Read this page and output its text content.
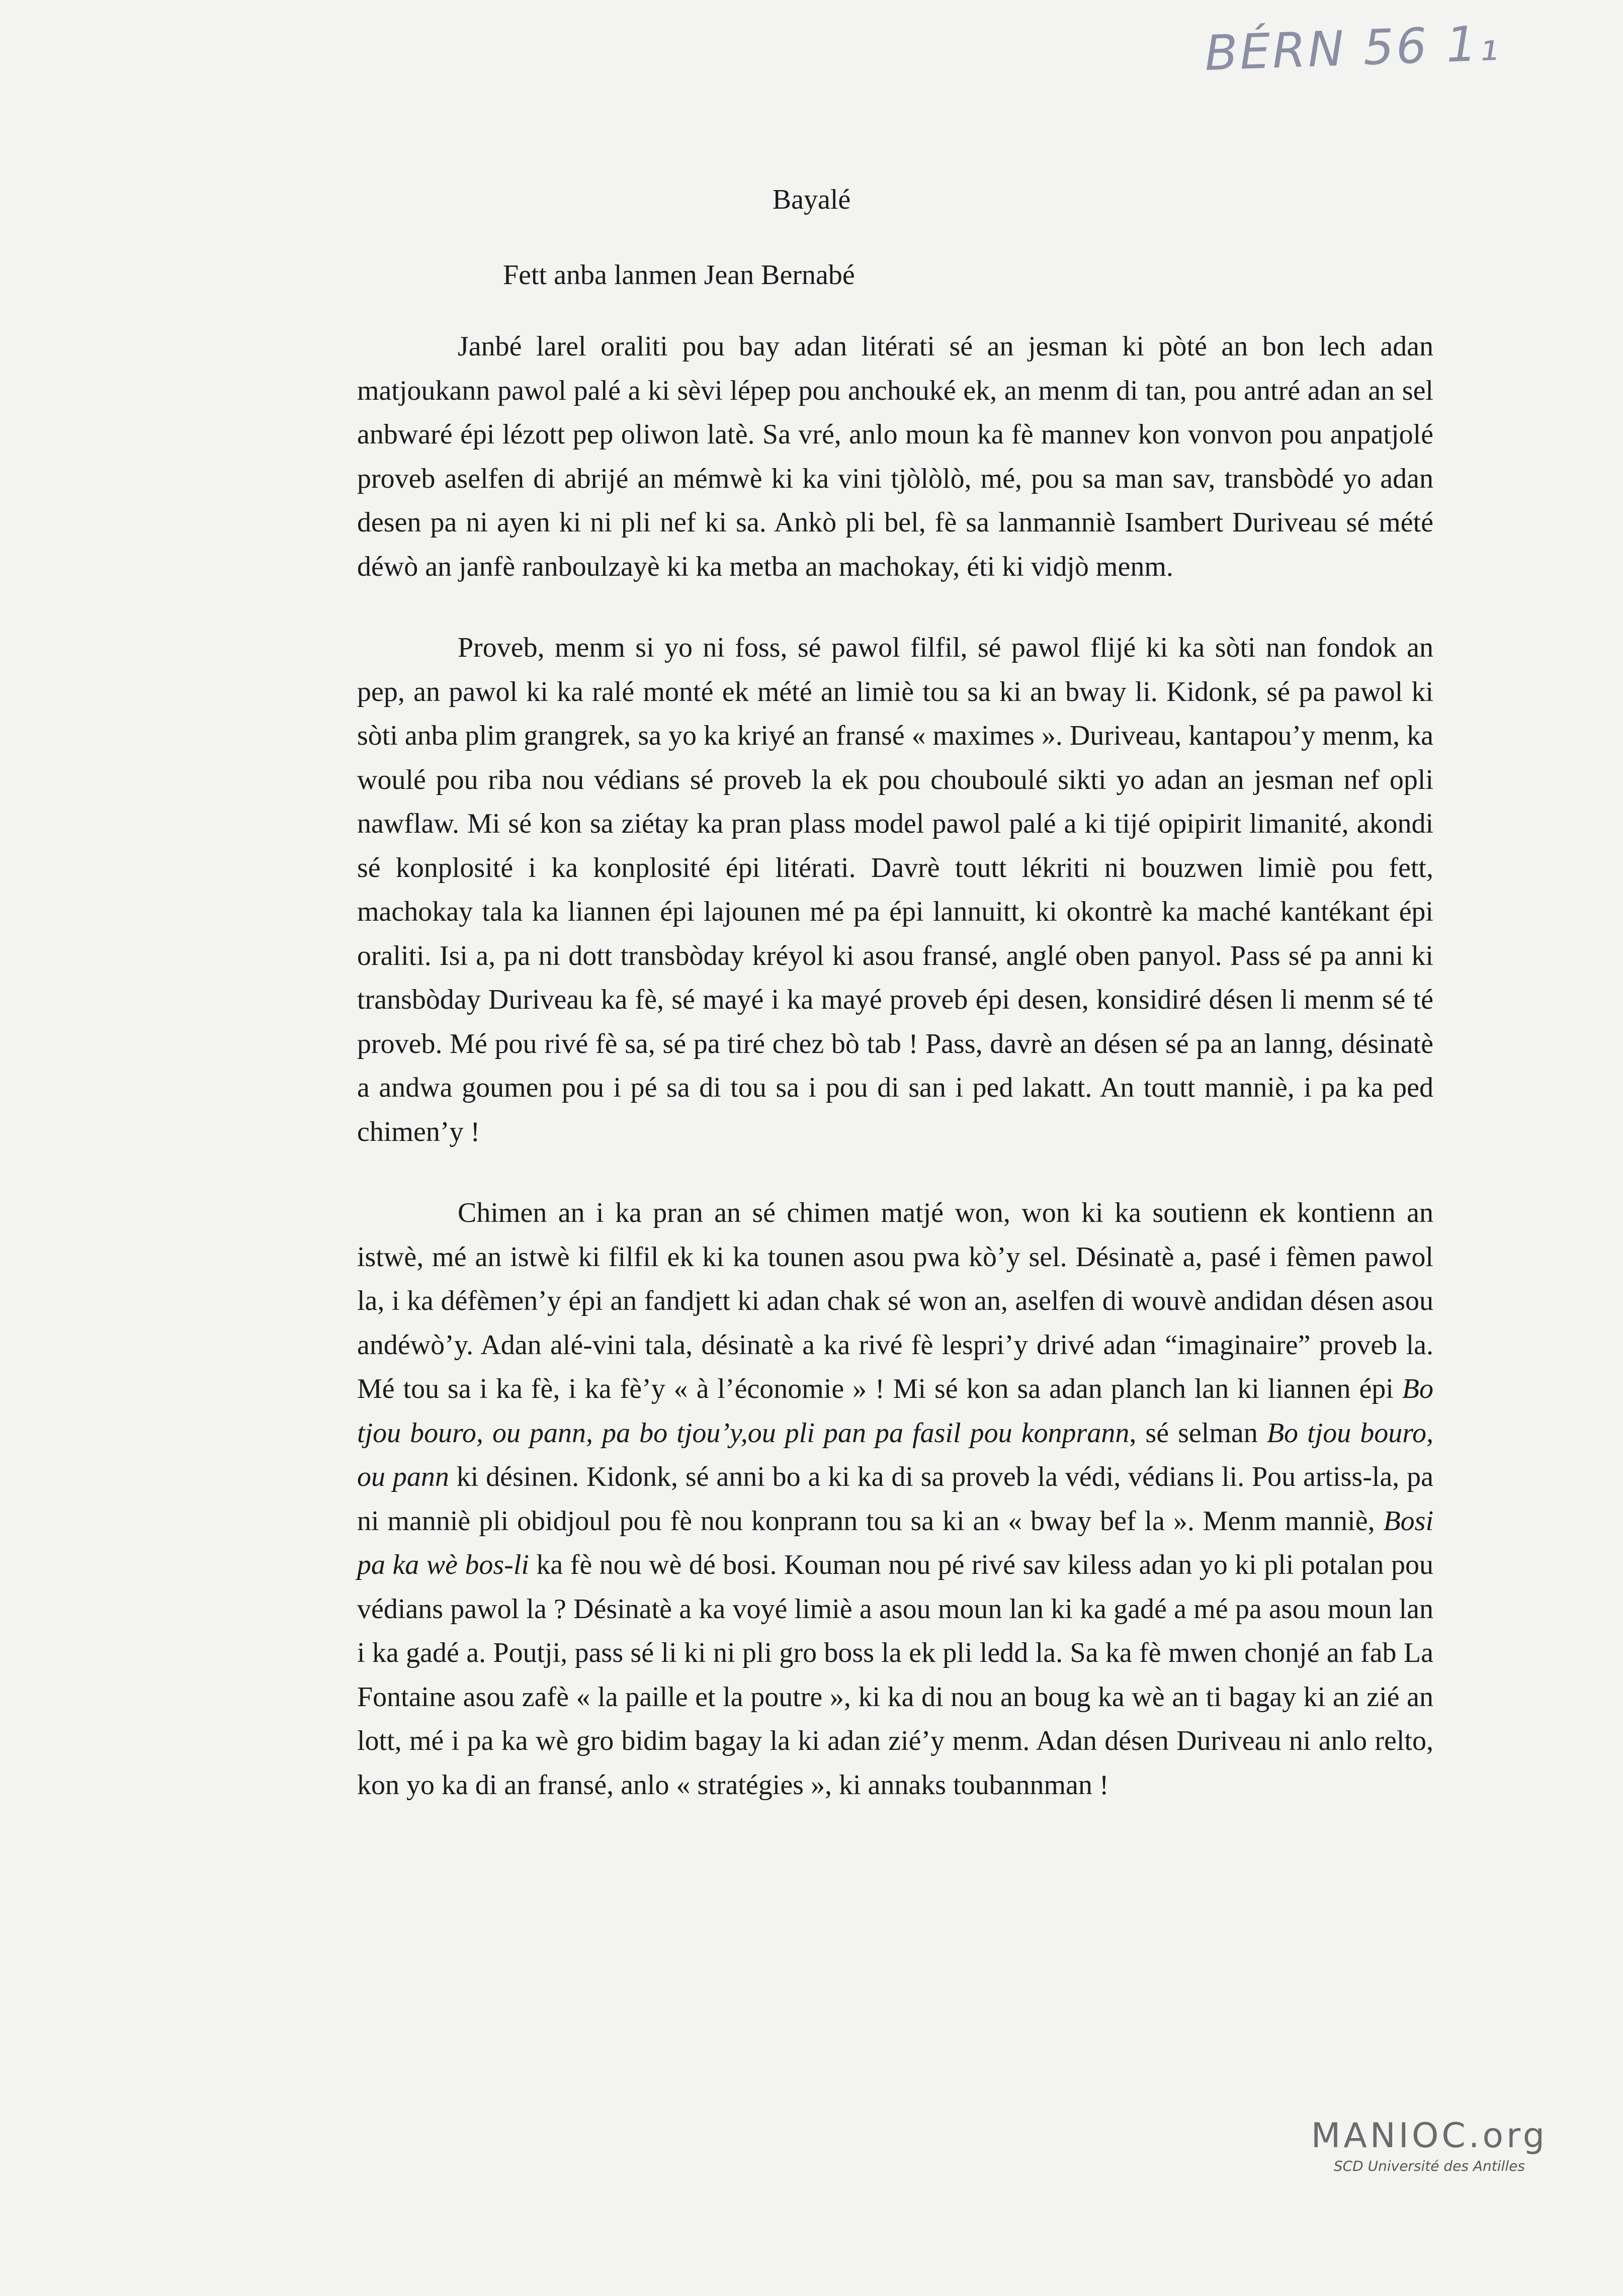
BÉRN 56 1₁
Bayalé
Fett anba lanmen Jean Bernabé

Janbé larel oraliti pou bay adan litérati sé an jesman ki pòté an bon lech adan matjoukann pawol palé a ki sèvi lépep pou anchouké ek, an menm di tan, pou antré adan an sel anbwaré épi lézott pep oliwon latè. Sa vré, anlo moun ka fè mannev kon vonvon pou anpatjolé proveb aselfen di abrijé an mémwè ki ka vini tjòlòlò, mé, pou sa man sav, transbòdé yo adan desen pa ni ayen ki ni pli nef ki sa. Ankò pli bel, fè sa lanmanniè Isambert Duriveau sé mété déwò an janfè ranboulzayè ki ka metba an machokay, éti ki vidjò menm.

Proveb, menm si yo ni foss, sé pawol filfil, sé pawol flijé ki ka sòti nan fondok an pep, an pawol ki ka ralé monté ek mété an limiè tou sa ki an bway li. Kidonk, sé pa pawol ki sòti anba plim grangrek, sa yo ka kriyé an fransé « maximes ». Duriveau, kantapou’y menm, ka woulé pou riba nou védians sé proveb la ek pou chouboulé sikti yo adan an jesman nef opli nawflaw. Mi sé kon sa ziétay ka pran plass model pawol palé a ki tijé opipirit limanité, akondi sé konplosité i ka konplosité épi litérati. Davrè toutt lékriti ni bouzwen limiè pou fett, machokay tala ka liannen épi lajounen mé pa épi lannuitt, ki okontrè ka maché kantékant épi oraliti. Isi a, pa ni dott transbòday kréyol ki asou fransé, anglé oben panyol. Pass sé pa anni ki transbòday Duriveau ka fè, sé mayé i ka mayé proveb épi desen, konsidiré désen li menm sé té proveb. Mé pou rivé fè sa, sé pa tiré chez bò tab ! Pass, davrè an désen sé pa an lanng, désinatè a andwa goumen pou i pé sa di tou sa i pou di san i ped lakatt. An toutt manniè, i pa ka ped chimen’y !

Chimen an i ka pran an sé chimen matjé won, won ki ka soutienn ek kontienn an istwè, mé an istwè ki filfil ek ki ka tounen asou pwa kò’y sel. Désinatè a, pasé i fèmen pawol la, i ka défèmen’y épi an fandjett ki adan chak sé won an, aselfen di wouvè andidan désen asou andéwò’y. Adan alé-vini tala, désinatè a ka rivé fè lespri’y drivé adan “imaginaire” proveb la. Mé tou sa i ka fè, i ka fè’y « à l’économie » ! Mi sé kon sa adan planch lan ki liannen épi Bo tjou bouro, ou pann, pa bo tjou’y,ou pli pan pa fasil pou konprann, sé selman Bo tjou bouro, ou pann ki désinen. Kidonk, sé anni bo a ki ka di sa proveb la védi, védians li. Pou artiss-la, pa ni manniè pli obidjoul pou fè nou konprann tou sa ki an « bway bef la ». Menm manniè, Bosi pa ka wè bos-li ka fè nou wè dé bosi. Kouman nou pé rivé sav kiless adan yo ki pli potalan pou védians pawol la ? Désinatè a ka voyé limiè a asou moun lan ki ka gadé a mé pa asou moun lan i ka gadé a. Poutji, pass sé li ki ni pli gro boss la ek pli ledd la. Sa ka fè mwen chonjé an fab La Fontaine asou zafè « la paille et la poutre », ki ka di nou an boug ka wè an ti bagay ki an zié an lott, mé i pa ka wè gro bidim bagay la ki adan zié’y menm. Adan désen Duriveau ni anlo relto, kon yo ka di an fransé, anlo « stratégies », ki annaks toubannman !

MANIOC.org
SCD Université des Antilles
